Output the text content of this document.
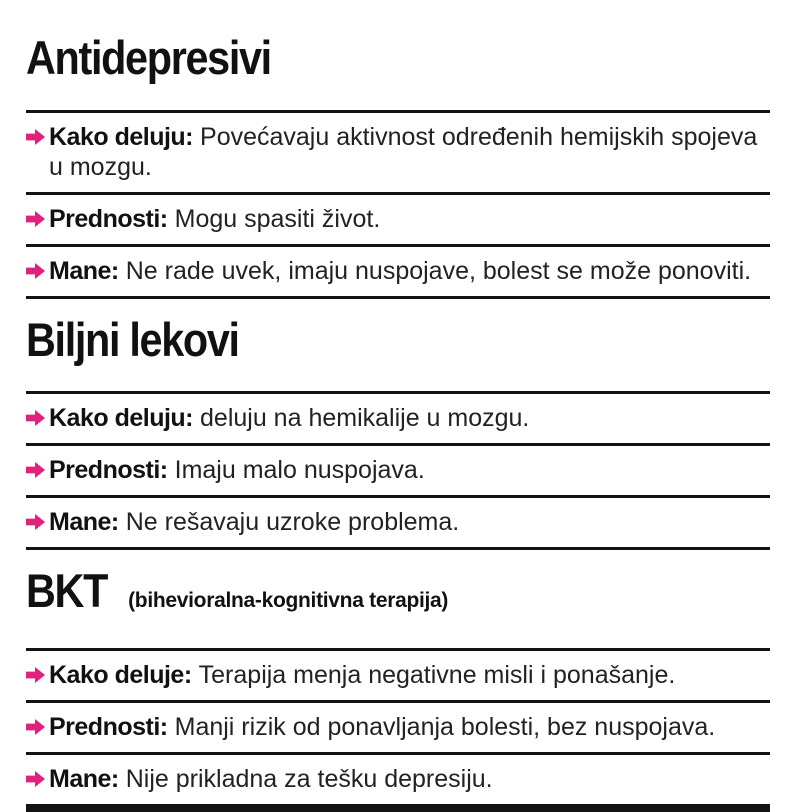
Antidepresivi

Kako deluju: Povećavaju aktivnost određenih hemijskih spojeva u mozgu.

Prednosti: Mogu spasiti život.

Mane: Ne rade uvek, imaju nuspojave, bolest se može ponoviti.

Biljni lekovi

Kako deluju: deluju na hemikalije u mozgu.

Prednosti: Imaju malo nuspojava.

Mane: Ne rešavaju uzroke problema.

BKT (bihevioralna-kognitivna terapija)

Kako deluje: Terapija menja negativne misli i ponašanje.

Prednosti: Manji rizik od ponavljanja bolesti, bez nuspojava.

Mane: Nije prikladna za tešku depresiju.
